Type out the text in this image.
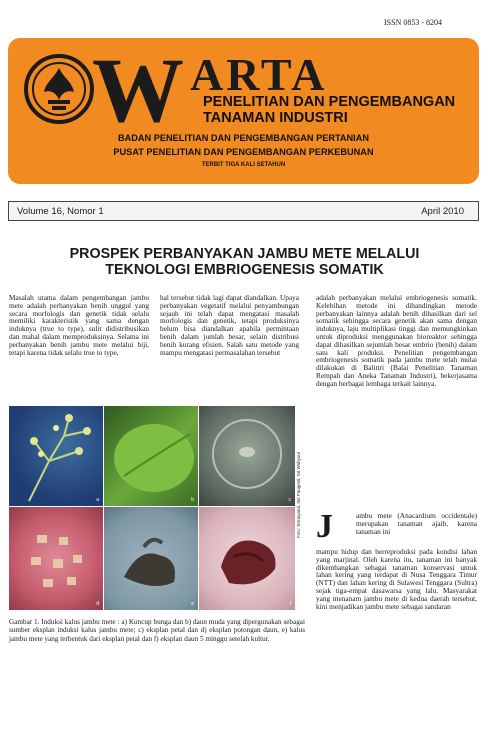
ISSN 0853 - 8204
W ARTA
PENELITIAN DAN PENGEMBANGAN
TANAMAN INDUSTRI
BADAN PENELITIAN DAN PENGEMBANGAN PERTANIAN
PUSAT PENELITIAN DAN PENGEMBANGAN PERKEBUNAN
TERBIT TIGA KALI SETAHUN
Volume 16, Nomor 1	April 2010
PROSPEK PERBANYAKAN JAMBU METE MELALUI
TEKNOLOGI EMBRIOGENESIS SOMATIK
Masalah utama dalam pengembangan jambu mete adalah perbanyakan benih unggul yang secara morfologis dan genetik tidak selalu memiliki karakteristik yang sama dengan induknya (true to type), sulit didistribusikan dan mahal dalam memproduksinya. Selama ini perbanyakan benih jambu mete melalui biji, tetapi karena tidak selalu true to type,
hal tersebut tidak lagi dapat diandalkan. Upaya perbanyakan vegetatif melalui penyambungan sejauh ini telah dapat mengatasi masalah morfologis dan genetik, tetapi produksinya belum bisa diandalkan apabila permintaan benih dalam jumlah besar, selain distribusi benih kurang efisien. Salah satu metode yang mampu mengatasi permasalahan tersebut
adalah perbanyakan melalui embriogenesis somatik. Kelebihan metode ini dibandingkan metode perbanyakan lainnya adalah benih dihasilkan dari sel somatik sehingga secara genetik akan sama dengan induknya, laju multiplikasi tinggi dan memungkinkan untuk diproduksi menggunakan bioreaktor sehingga dapat dihasilkan sejumlah besar embrio (benih) dalam satu kali produksi. Penelitian pengembangan embriogenesis somatik pada jambu mete telah mulai dilakukan di Balittri (Balai Penelitian Tanaman Rempah dan Aneka Tanaman Industri), bekerjasama dengan berbagai lembaga terkait lainnya.
J	ambu mete (Anacardium occidentale) merupakan tanaman ajaib, karena tanaman ini
mampu hidup dan berreproduksi pada kondisi lahan yang marjinal. Oleh karena itu, tanaman ini banyak dikembangkan sebagai tanaman konservasi untuk lahan kering yang terdapat di Nusa Tenggara Timur (NTT) dan lahan kering di Sulawesi Tenggara (Sultra) sejak tiga-empat dasawarsa yang lalu. Masyarakat yang menanam jambu mete di kedua daerah tersebut, kini menjadikan jambu mete sebagai sandaran
a	b	c
d	e	f
Foto: Ermayanti, Siti Pangesti, Sri Wahyuni
Gambar 1. Induksi kalus jambu mete : a) Kuncup bunga dan b) daun muda yang dipergunakan sebagai sumber eksplan induksi kalus jambu mete; c) eksplan petal dan d) eksplan potongan daun, e) kalus jambu mete yang terbentuk dari eksplan petal dan f) eksplan daun 5 minggu setelah kultur.
